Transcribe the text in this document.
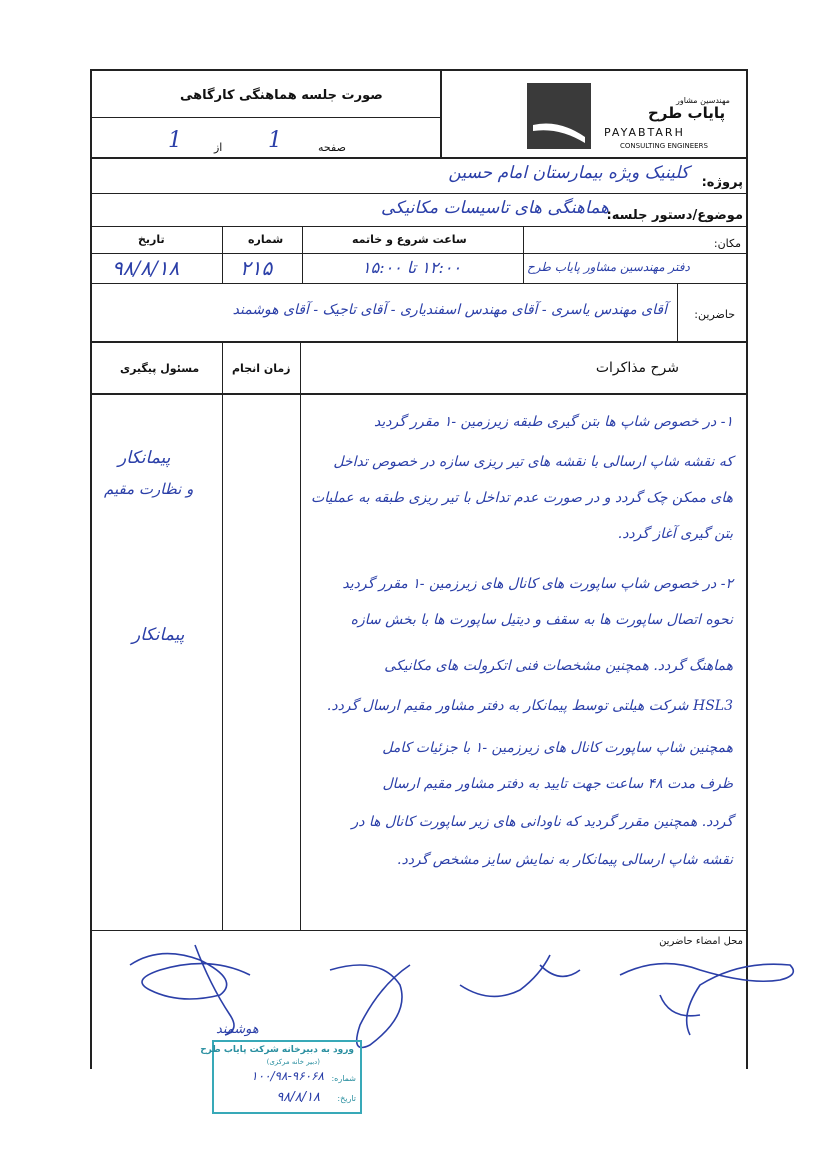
صورت جلسه هماهنگی کارگاهی
1	از 1	صفحه
مهندسین مشاور
پایاب طرح
PAYABTARH
CONSULTING ENGINEERS
پروژه:
کلینیک ویژه بیمارستان امام حسین
موضوع/دستور جلسه:
هماهنگی های تاسیسات مکانیکی
مکان:
ساعت شروع و خاتمه
شماره
تاریخ
دفتر مهندسین مشاور پایاب طرح
۱۲:۰۰ تا ۱۵:۰۰
۲۱۵
۹۸/۸/۱۸
حاضرین:
آقای مهندس یاسری - آقای مهندس اسفندیاری - آقای تاجیک - آقای هوشمند
شرح مذاکرات
زمان انجام
مسئول پیگیری
۱- در خصوص شاپ ها بتن گیری طبقه زیرزمین -۱ مقرر گردید
که نقشه شاپ ارسالی با نقشه های تیر ریزی سازه در خصوص تداخل
های ممکن چک گردد و در صورت عدم تداخل با تیر ریزی طبقه به عملیات
بتن گیری آغاز گردد.
۲- در خصوص شاپ ساپورت های کانال های زیرزمین -۱ مقرر گردید
نحوه اتصال ساپورت ها به سقف و دیتیل ساپورت ها با بخش سازه
هماهنگ گردد. همچنین مشخصات فنی اتکرولت های مکانیکی
HSL3 شرکت هیلتی توسط پیمانکار به دفتر مشاور مقیم ارسال گردد.
همچنین شاپ ساپورت کانال های زیرزمین -۱ با جزئیات کامل
ظرف مدت ۴۸ ساعت جهت تایید به دفتر مشاور مقیم ارسال
گردد. همچنین مقرر گردید که ناودانی های زیر ساپورت کانال ها در
نقشه شاپ ارسالی پیمانکار به نمایش سایز مشخص گردد.
پیمانکار
و نظارت مقیم
پیمانکار
محل امضاء حاضرین
هوشمند
ورود به دبیرخانه شرکت پایاب طرح
(دبیر خانه مرکزی)
شماره:
۱۰۰/۹۸-۹۶۰۶۸
تاریخ:
۹۸/۸/۱۸
